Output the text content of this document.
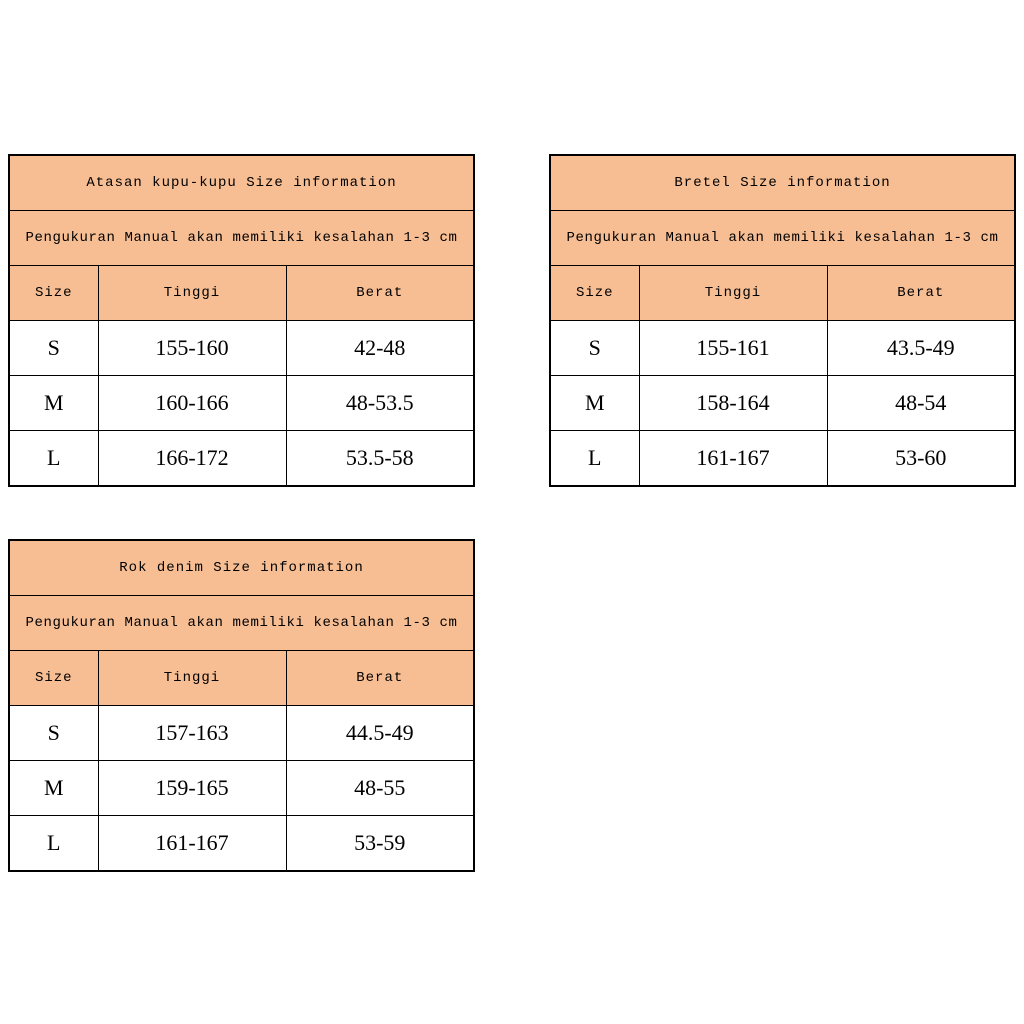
Atasan kupu-kupu Size information		
Pengukuran Manual akan memiliki kesalahan 1-3 cm		
Size	Tinggi	Berat
S	155-160	42-48
M	160-166	48-53.5
L	166-172	53.5-58
Bretel Size information		
Pengukuran Manual akan memiliki kesalahan 1-3 cm		
Size	Tinggi	Berat
S	155-161	43.5-49
M	158-164	48-54
L	161-167	53-60
Rok denim Size information		
Pengukuran Manual akan memiliki kesalahan 1-3 cm		
Size	Tinggi	Berat
S	157-163	44.5-49
M	159-165	48-55
L	161-167	53-59
